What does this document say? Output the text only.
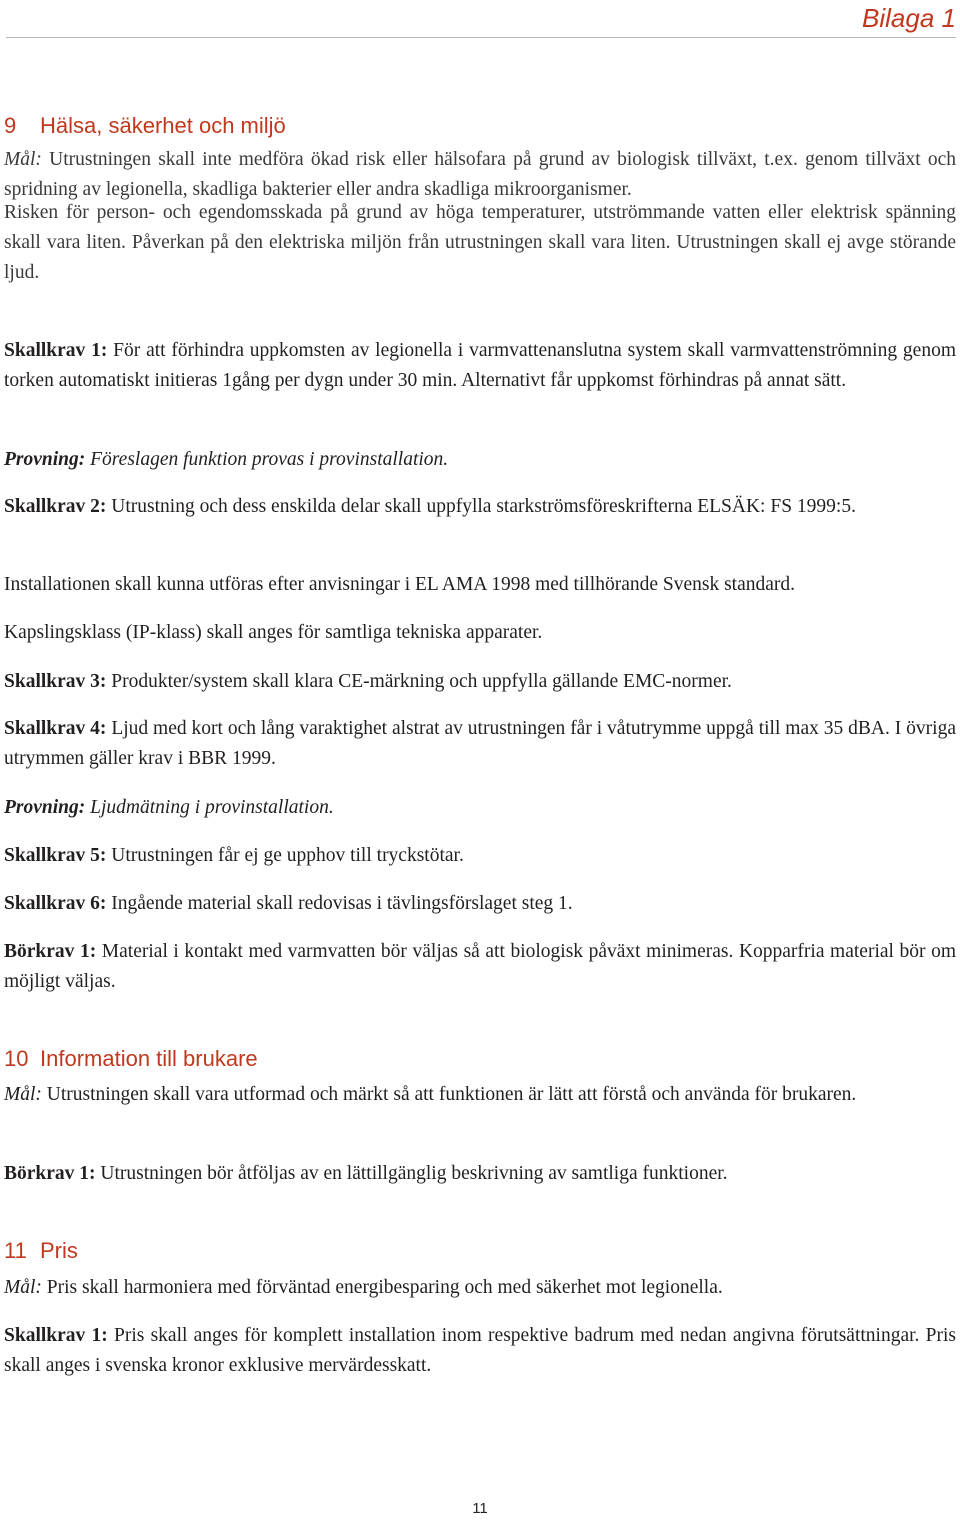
Bilaga 1
9 Hälsa, säkerhet och miljö
Mål: Utrustningen skall inte medföra ökad risk eller hälsofara på grund av biologisk tillväxt, t.ex. genom tillväxt och spridning av legionella, skadliga bakterier eller andra skadliga mikroorganismer.
Risken för person- och egendomsskada på grund av höga temperaturer, utströmmande vatten eller elektrisk spänning skall vara liten. Påverkan på den elektriska miljön från utrustningen skall vara liten. Utrustningen skall ej avge störande ljud.
Skallkrav 1: För att förhindra uppkomsten av legionella i varmvattenanslutna system skall varmvattenströmning genom torken automatiskt initieras 1gång per dygn under 30 min. Alternativt får uppkomst förhindras på annat sätt.
Provning: Föreslagen funktion provas i provinstallation.
Skallkrav 2: Utrustning och dess enskilda delar skall uppfylla starkströmsföreskrifterna ELSÄK: FS 1999:5.
Installationen skall kunna utföras efter anvisningar i EL AMA 1998 med tillhörande Svensk standard.
Kapslingsklass (IP-klass) skall anges för samtliga tekniska apparater.
Skallkrav 3: Produkter/system skall klara CE-märkning och uppfylla gällande EMC-normer.
Skallkrav 4: Ljud med kort och lång varaktighet alstrat av utrustningen får i våtutrymme uppgå till max 35 dBA. I övriga utrymmen gäller krav i BBR 1999.
Provning: Ljudmätning i provinstallation.
Skallkrav 5: Utrustningen får ej ge upphov till tryckstötar.
Skallkrav 6: Ingående material skall redovisas i tävlingsförslaget steg 1.
Börkrav 1: Material i kontakt med varmvatten bör väljas så att biologisk påväxt minimeras. Kopparfria material bör om möjligt väljas.
10 Information till brukare
Mål: Utrustningen skall vara utformad och märkt så att funktionen är lätt att förstå och använda för brukaren.
Börkrav 1: Utrustningen bör åtföljas av en lättillgänglig beskrivning av samtliga funktioner.
11 Pris
Mål: Pris skall harmoniera med förväntad energibesparing och med säkerhet mot legionella.
Skallkrav 1: Pris skall anges för komplett installation inom respektive badrum med nedan angivna förutsättningar. Pris skall anges i svenska kronor exklusive mervärdesskatt.
11
